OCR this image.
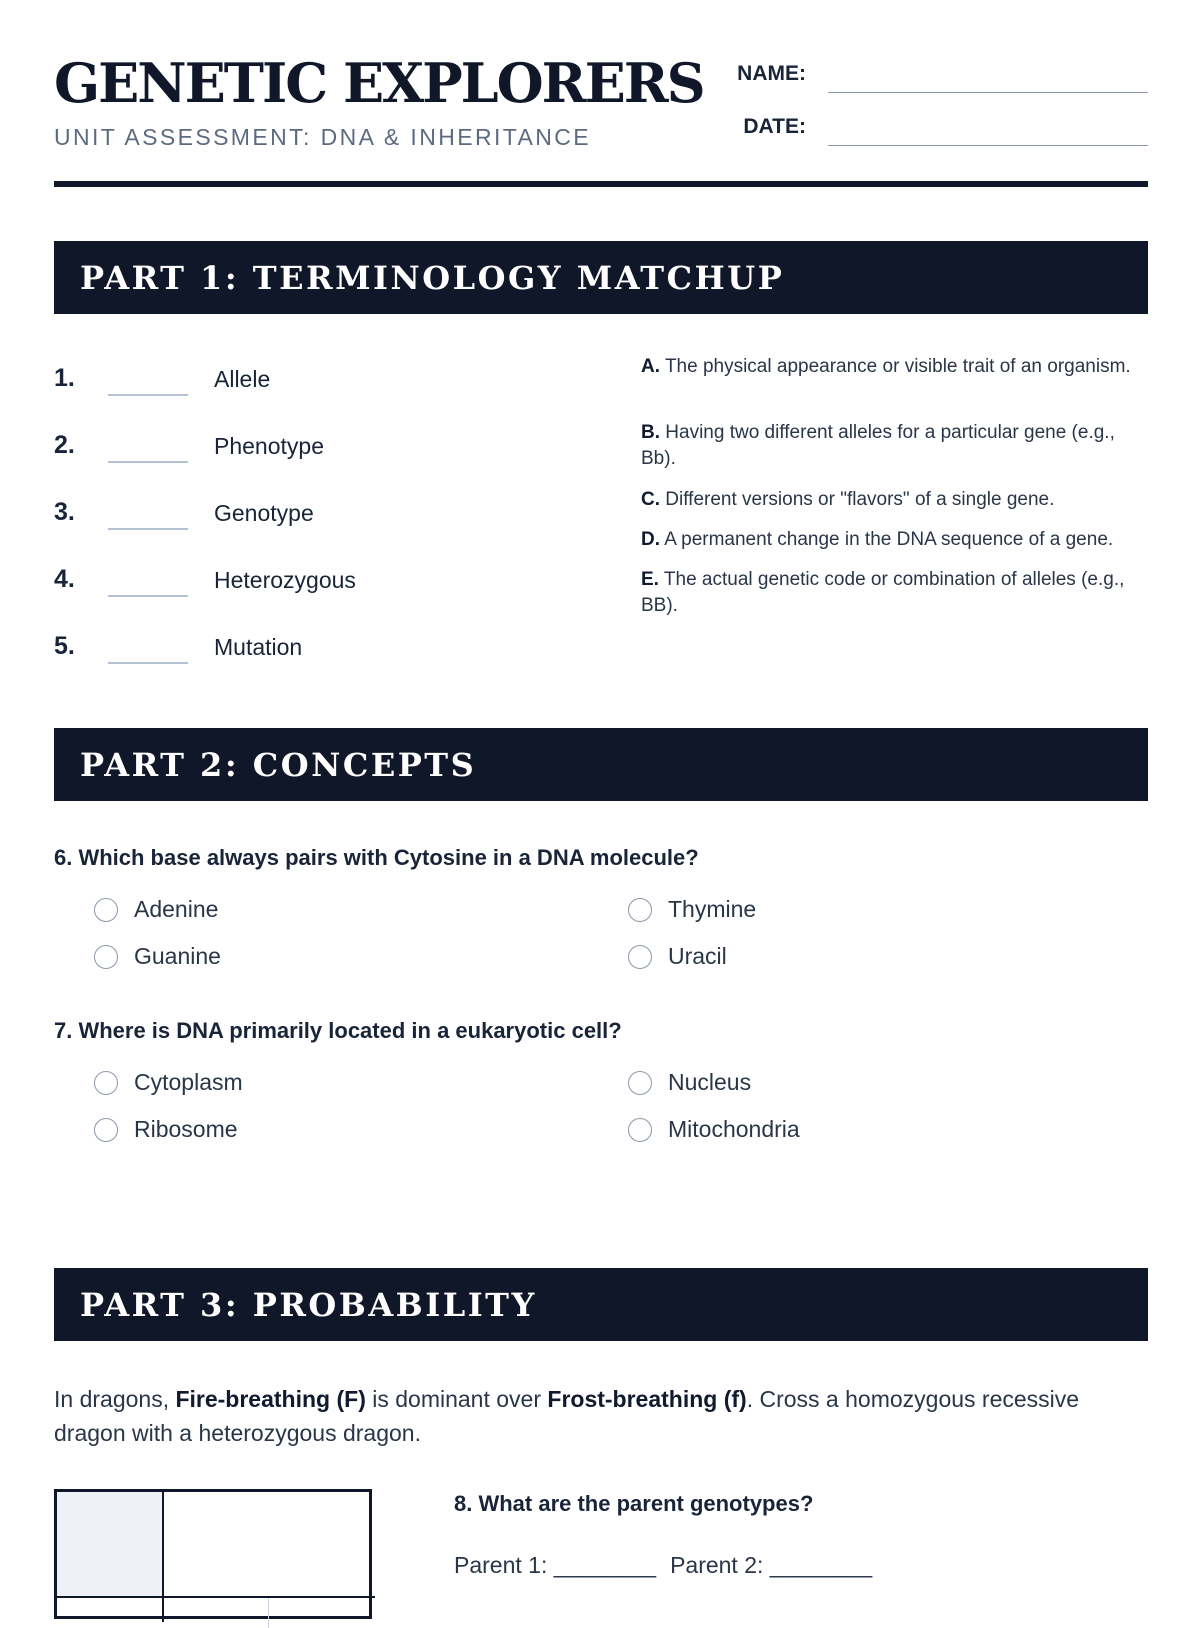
GENETIC EXPLORERS
UNIT ASSESSMENT: DNA & INHERITANCE
NAME:
DATE:
PART 1: TERMINOLOGY MATCHUP
1.	Allele
2.	Phenotype
3.	Genotype
4.	Heterozygous
5.	Mutation
A. The physical appearance or visible trait of an organism.
B. Having two different alleles for a particular gene (e.g., Bb).
C. Different versions or "flavors" of a single gene.
D. A permanent change in the DNA sequence of a gene.
E. The actual genetic code or combination of alleles (e.g., BB).
PART 2: CONCEPTS
6. Which base always pairs with Cytosine in a DNA molecule?
Adenine	Thymine
Guanine	Uracil
7. Where is DNA primarily located in a eukaryotic cell?
Cytoplasm	Nucleus
Ribosome	Mitochondria
PART 3: PROBABILITY
In dragons, Fire-breathing (F) is dominant over Frost-breathing (f). Cross a homozygous recessive dragon with a heterozygous dragon.
8. What are the parent genotypes?
Parent 1: ________ Parent 2: ________
